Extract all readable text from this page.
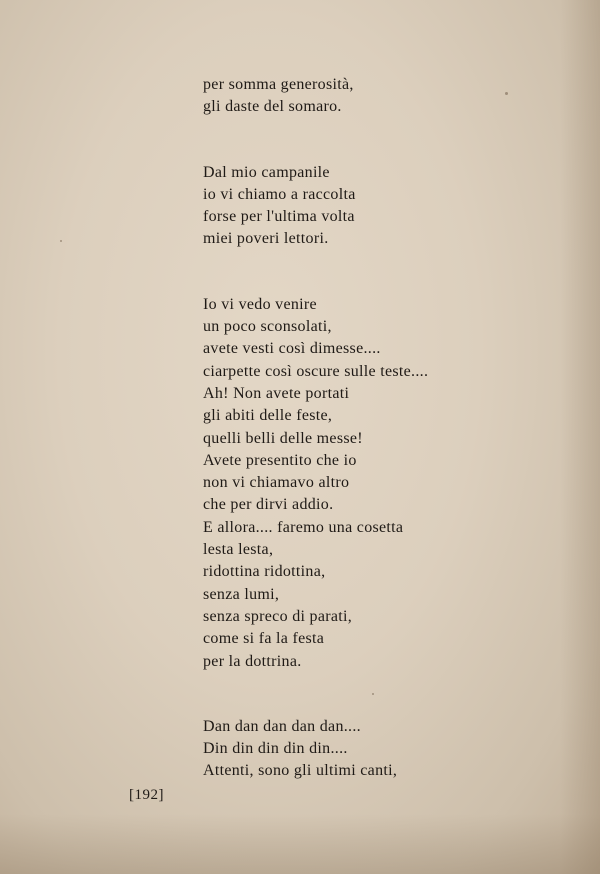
per somma generosità,
gli daste del somaro.
Dal mio campanile
io vi chiamo a raccolta
forse per l'ultima volta
miei poveri lettori.
Io vi vedo venire
un poco sconsolati,
avete vesti così dimesse....
ciarpette così oscure sulle teste....
Ah! Non avete portati
gli abiti delle feste,
quelli belli delle messe!
Avete presentito che io
non vi chiamavo altro
che per dirvi addio.
E allora.... faremo una cosetta
lesta lesta,
ridottina ridottina,
senza lumi,
senza spreco di parati,
come si fa la festa
per la dottrina.
Dan dan dan dan dan....
Din din din din din....
Attenti, sono gli ultimi canti,
[192]
